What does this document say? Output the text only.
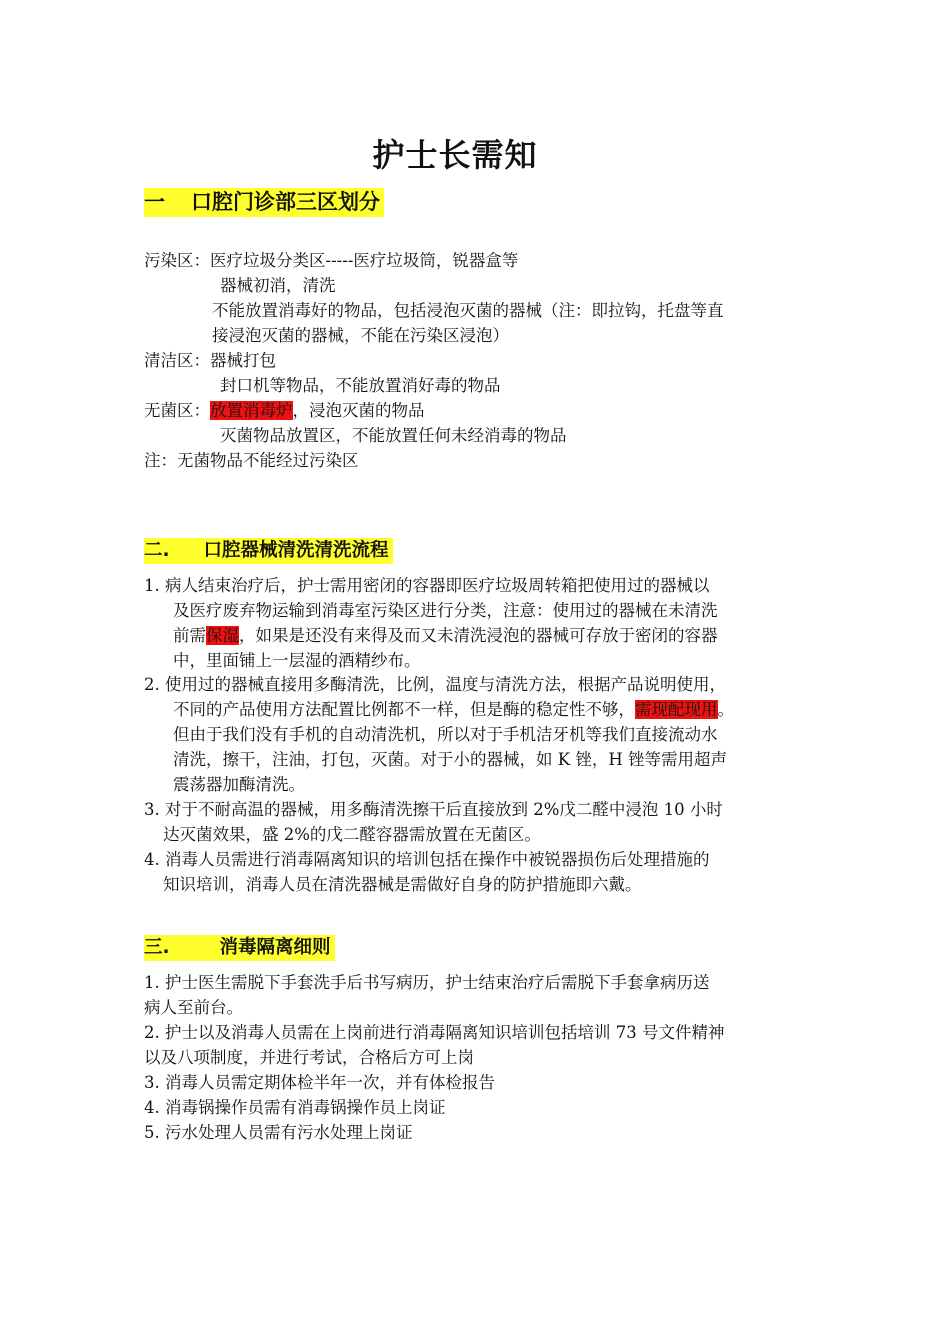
护士长需知
一 口腔门诊部三区划分
污染区：医疗垃圾分类区-----医疗垃圾筒，锐器盒等
器械初消，清洗
不能放置消毒好的物品，包括浸泡灭菌的器械（注：即拉钩，托盘等直
接浸泡灭菌的器械，不能在污染区浸泡）
清洁区：器械打包
封口机等物品，不能放置消好毒的物品
无菌区：放置消毒炉，浸泡灭菌的物品
灭菌物品放置区，不能放置任何未经消毒的物品
注：无菌物品不能经过污染区
二. 口腔器械清洗清洗流程
1. 病人结束治疗后，护士需用密闭的容器即医疗垃圾周转箱把使用过的器械以
及医疗废弃物运输到消毒室污染区进行分类，注意：使用过的器械在未清洗
前需保湿，如果是还没有来得及而又未清洗浸泡的器械可存放于密闭的容器
中，里面铺上一层湿的酒精纱布。
2. 使用过的器械直接用多酶清洗，比例，温度与清洗方法，根据产品说明使用，
不同的产品使用方法配置比例都不一样，但是酶的稳定性不够，需现配现用。
但由于我们没有手机的自动清洗机，所以对于手机洁牙机等我们直接流动水
清洗，擦干，注油，打包，灭菌。对于小的器械，如 K 锉，H 锉等需用超声
震荡器加酶清洗。
3. 对于不耐高温的器械，用多酶清洗擦干后直接放到 2%戊二醛中浸泡 10 小时
达灭菌效果，盛 2%的戊二醛容器需放置在无菌区。
4. 消毒人员需进行消毒隔离知识的培训包括在操作中被锐器损伤后处理措施的
知识培训，消毒人员在清洗器械是需做好自身的防护措施即六戴。
三.	消毒隔离细则
1. 护士医生需脱下手套洗手后书写病历，护士结束治疗后需脱下手套拿病历送
病人至前台。
2. 护士以及消毒人员需在上岗前进行消毒隔离知识培训包括培训 73 号文件精神
以及八项制度，并进行考试，合格后方可上岗
3. 消毒人员需定期体检半年一次，并有体检报告
4. 消毒锅操作员需有消毒锅操作员上岗证
5. 污水处理人员需有污水处理上岗证
